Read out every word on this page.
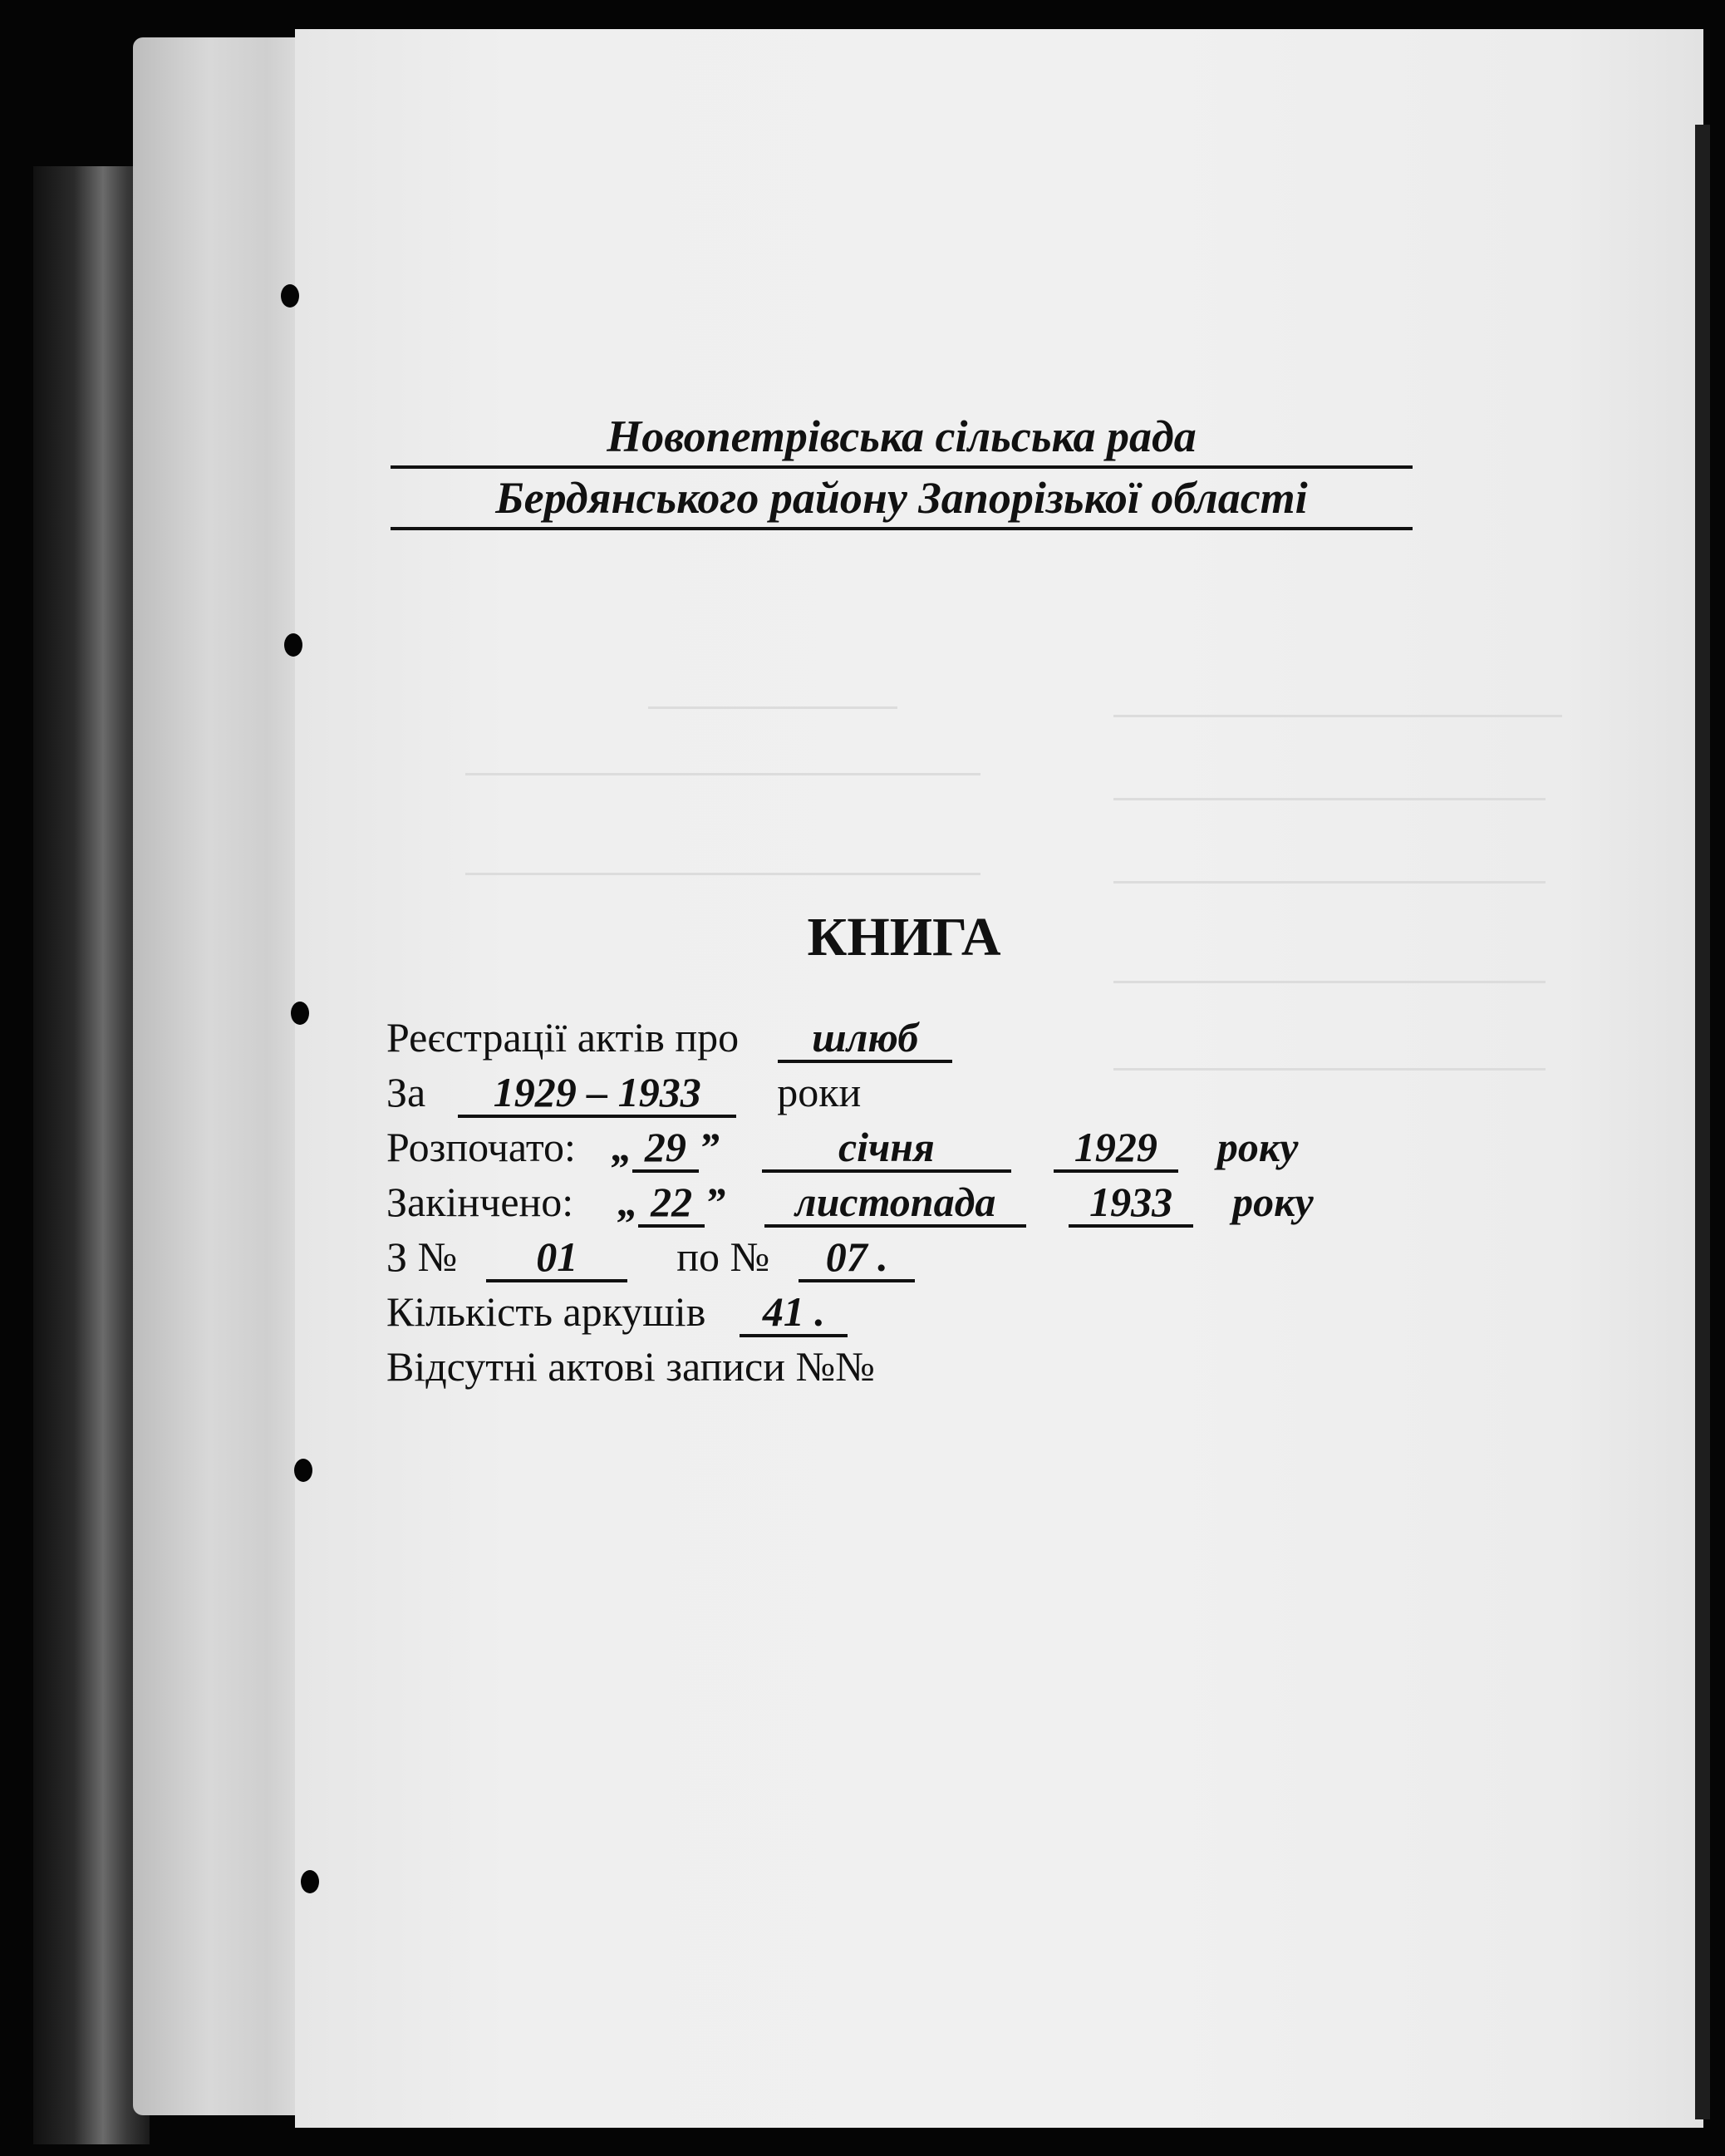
Новопетрівська сільська рада
Бердянського району Запорізької області
КНИГА
Реєстрації актів про шлюб
За 1929 – 1933 роки
Розпочато: „ 29 ”	січня	1929 року
Закінчено: „ 22 ” листопада 1933 року
З № 01 по № 07 .
Кількість аркушів 41 .
Відсутні актові записи №№
